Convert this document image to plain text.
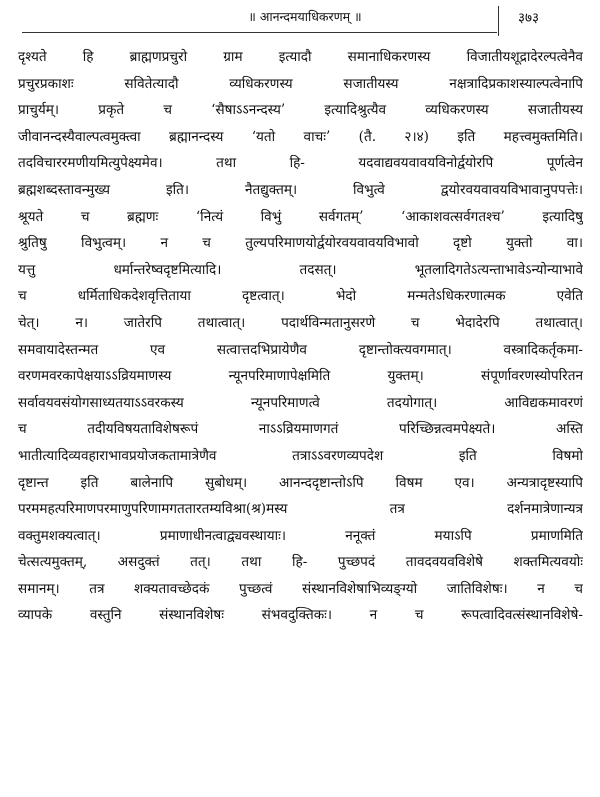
॥ आनन्दमयाधिकरणम् ॥	३७३
दृश्यते हि ब्राह्मणप्रचुरो ग्राम इत्यादौ समानाधिकरणस्य विजातीयशूद्रादेरल्पत्वेनैव
प्रचुरप्रकाशः सवितेत्यादौ व्यधिकरणस्य सजातीयस्य नक्षत्रादिप्रकाशस्याल्पत्वेनापि
प्राचुर्यम्। प्रकृते च ‘सैषाऽऽनन्दस्य’ इत्यादिश्रुत्यैव व्यधिकरणस्य सजातीयस्य
जीवानन्दस्यैवाल्पत्वमुक्त्वा ब्रह्मानन्दस्य ‘यतो वाचः’ (तै. २।४) इति महत्त्वमुक्तमिति।
तदविचाररमणीयमित्युपेक्ष्यमेव। तथा हि- यदवाद्यवयवावयविनोर्द्वयोरपि पूर्णत्वेन
ब्रह्मशब्दस्तावन्मुख्य इति। नैतद्युक्तम्। विभुत्वे द्वयोरवयवावयविभावानुपपत्तेः।
श्रूयते च ब्रह्मणः ‘नित्यं विभुं सर्वगतम्’ ‘आकाशवत्सर्वगतश्च’ इत्यादिषु
श्रुतिषु विभुत्वम्। न च तुल्यपरिमाणयोर्द्वयोरवयवावयविभावो दृष्टो युक्तो वा।
यत्तु धर्मान्तरेष्वदृष्टमित्यादि। तदसत्। भूतलादिगतेऽत्यन्ताभावेऽन्योन्याभावे
च धर्मिताधिकदेशवृत्तिताया दृष्टत्वात्। भेदो मन्मतेऽधिकरणात्मक एवेति
चेत्। न। जातेरपि तथात्वात्। पदार्थविन्मतानुसरणे च भेदादेरपि तथात्वात्।
समवायादेस्तन्मत एव सत्वात्तदभिप्रायेणैव दृष्टान्तोक्त्यवगमात्। वस्त्रादिकर्तृकमा-
वरणमवरकापेक्षयाऽऽव्रियमाणस्य न्यूनपरिमाणापेक्षमिति युक्तम्। संपूर्णावरणस्योपरितन
सर्वावयवसंयोगसाध्यतयाऽऽवरकस्य न्यूनपरिमाणत्वे तदयोगात्। आविद्यकमावरणं
च तदीयविषयताविशेषरूपं नाऽऽव्रियमाणगतं परिच्छिन्नत्वमपेक्ष्यते। अस्ति
भातीत्यादिव्यवहाराभावप्रयोजकतामात्रेणैव तत्राऽऽवरणव्यपदेश इति विषमो
दृष्टान्त इति बालेनापि सुबोधम्। आनन्ददृष्टान्तोऽपि विषम एव। अन्यत्रादृष्टस्यापि
परममहत्परिमाणपरमाणुपरिणामगततारतम्यविश्रा(श्र)मस्य तत्र दर्शनमात्रेणान्यत्र
वक्तुमशक्यत्वात्। प्रमाणाधीनत्वाद्व्यवस्थायाः। ननूक्तं मयाऽपि प्रमाणमिति
चेत्सत्यमुक्तम्, असदुक्तं तत्। तथा हि- पुच्छपदं तावदवयवविशेषे शक्तमित्यवयोः
समानम्। तत्र शक्यतावच्छेदकं पुच्छत्वं संस्थानविशेषाभिव्यङ्ग्यो जातिविशेषः। न च
व्यापके वस्तुनि संस्थानविशेषः संभवदुक्तिकः। न च रूपत्वादिवत्संस्थानविशेषे-
